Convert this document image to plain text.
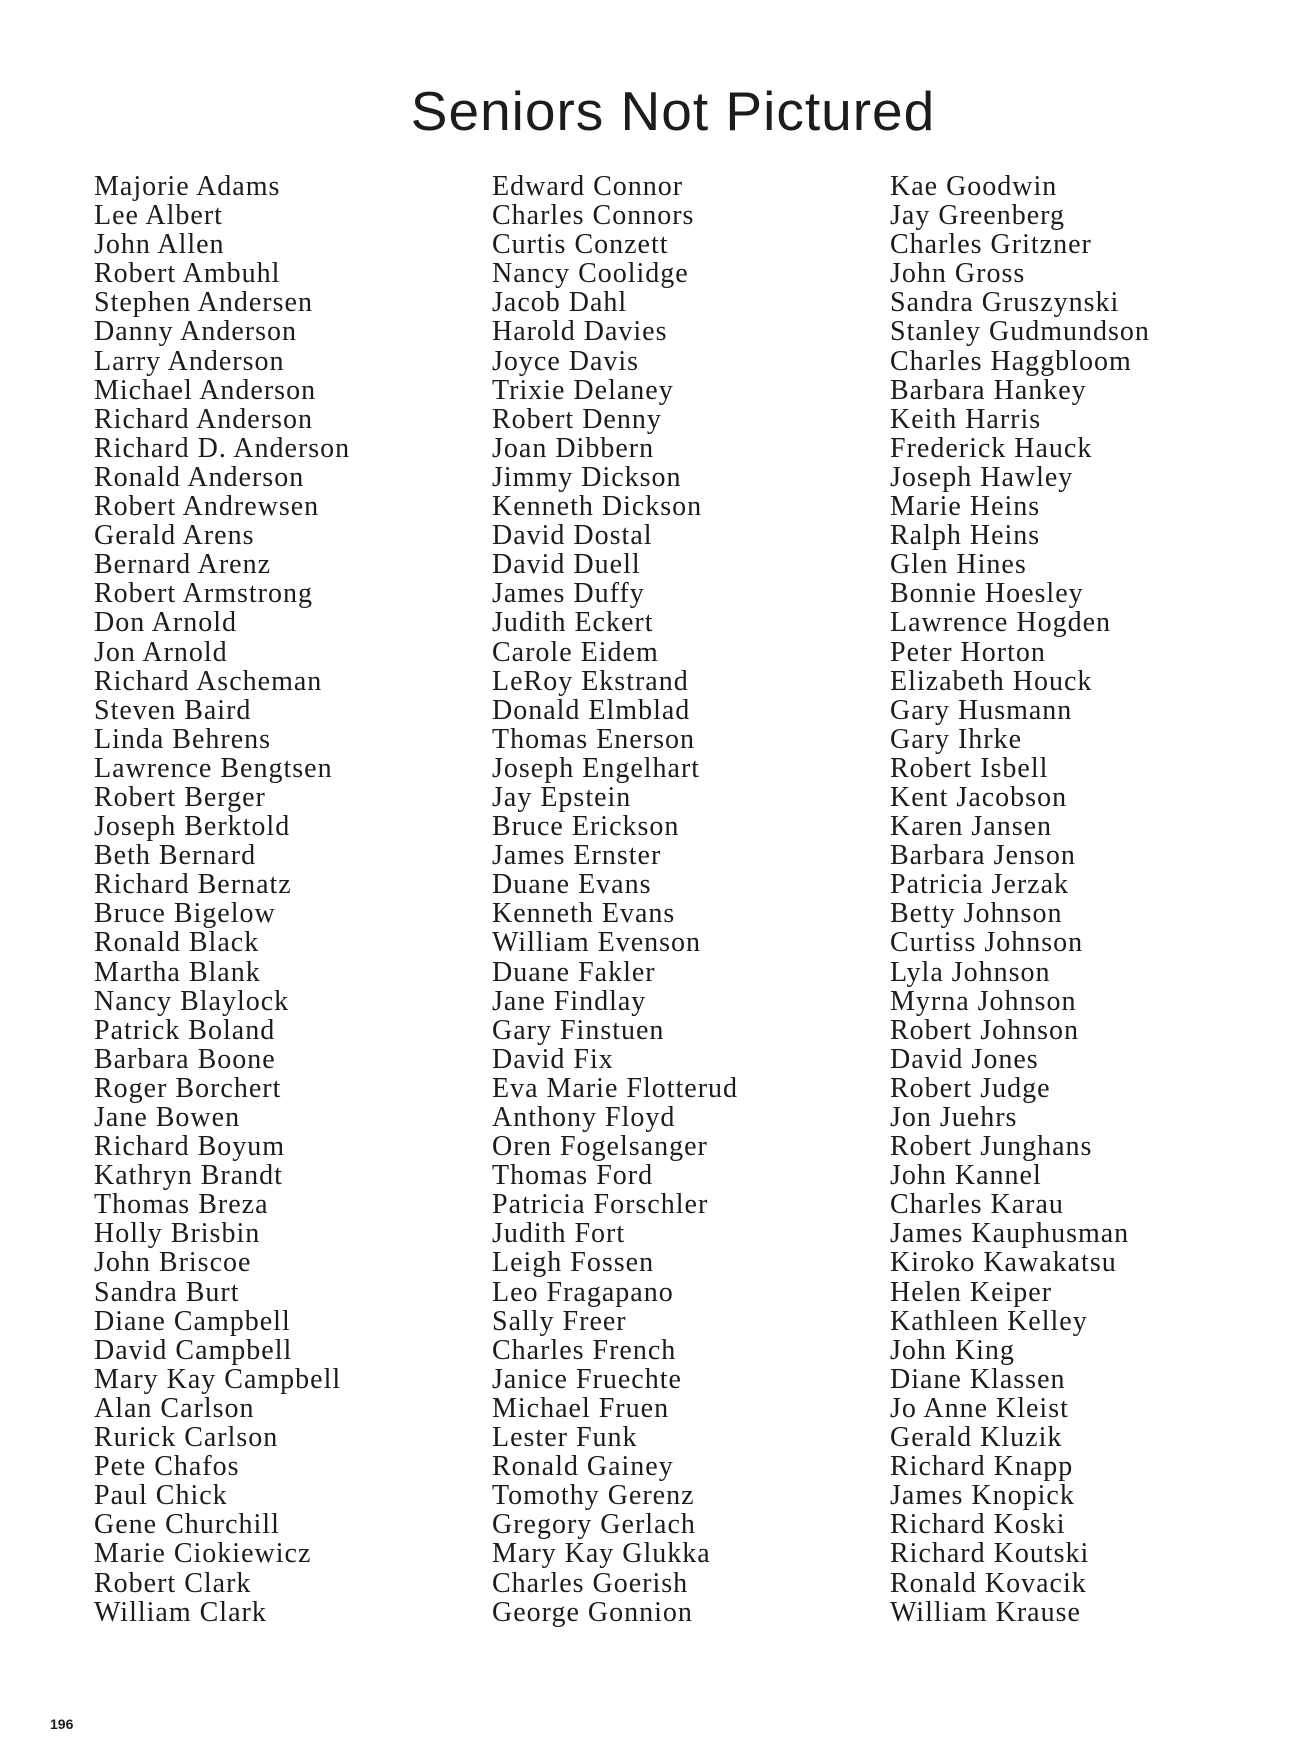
Seniors Not Pictured
Majorie Adams
Lee Albert
John Allen
Robert Ambuhl
Stephen Andersen
Danny Anderson
Larry Anderson
Michael Anderson
Richard Anderson
Richard D. Anderson
Ronald Anderson
Robert Andrewsen
Gerald Arens
Bernard Arenz
Robert Armstrong
Don Arnold
Jon Arnold
Richard Ascheman
Steven Baird
Linda Behrens
Lawrence Bengtsen
Robert Berger
Joseph Berktold
Beth Bernard
Richard Bernatz
Bruce Bigelow
Ronald Black
Martha Blank
Nancy Blaylock
Patrick Boland
Barbara Boone
Roger Borchert
Jane Bowen
Richard Boyum
Kathryn Brandt
Thomas Breza
Holly Brisbin
John Briscoe
Sandra Burt
Diane Campbell
David Campbell
Mary Kay Campbell
Alan Carlson
Rurick Carlson
Pete Chafos
Paul Chick
Gene Churchill
Marie Ciokiewicz
Robert Clark
William Clark
Edward Connor
Charles Connors
Curtis Conzett
Nancy Coolidge
Jacob Dahl
Harold Davies
Joyce Davis
Trixie Delaney
Robert Denny
Joan Dibbern
Jimmy Dickson
Kenneth Dickson
David Dostal
David Duell
James Duffy
Judith Eckert
Carole Eidem
LeRoy Ekstrand
Donald Elmblad
Thomas Enerson
Joseph Engelhart
Jay Epstein
Bruce Erickson
James Ernster
Duane Evans
Kenneth Evans
William Evenson
Duane Fakler
Jane Findlay
Gary Finstuen
David Fix
Eva Marie Flotterud
Anthony Floyd
Oren Fogelsanger
Thomas Ford
Patricia Forschler
Judith Fort
Leigh Fossen
Leo Fragapano
Sally Freer
Charles French
Janice Fruechte
Michael Fruen
Lester Funk
Ronald Gainey
Tomothy Gerenz
Gregory Gerlach
Mary Kay Glukka
Charles Goerish
George Gonnion
Kae Goodwin
Jay Greenberg
Charles Gritzner
John Gross
Sandra Gruszynski
Stanley Gudmundson
Charles Haggbloom
Barbara Hankey
Keith Harris
Frederick Hauck
Joseph Hawley
Marie Heins
Ralph Heins
Glen Hines
Bonnie Hoesley
Lawrence Hogden
Peter Horton
Elizabeth Houck
Gary Husmann
Gary Ihrke
Robert Isbell
Kent Jacobson
Karen Jansen
Barbara Jenson
Patricia Jerzak
Betty Johnson
Curtiss Johnson
Lyla Johnson
Myrna Johnson
Robert Johnson
David Jones
Robert Judge
Jon Juehrs
Robert Junghans
John Kannel
Charles Karau
James Kauphusman
Kiroko Kawakatsu
Helen Keiper
Kathleen Kelley
John King
Diane Klassen
Jo Anne Kleist
Gerald Kluzik
Richard Knapp
James Knopick
Richard Koski
Richard Koutski
Ronald Kovacik
William Krause
196
